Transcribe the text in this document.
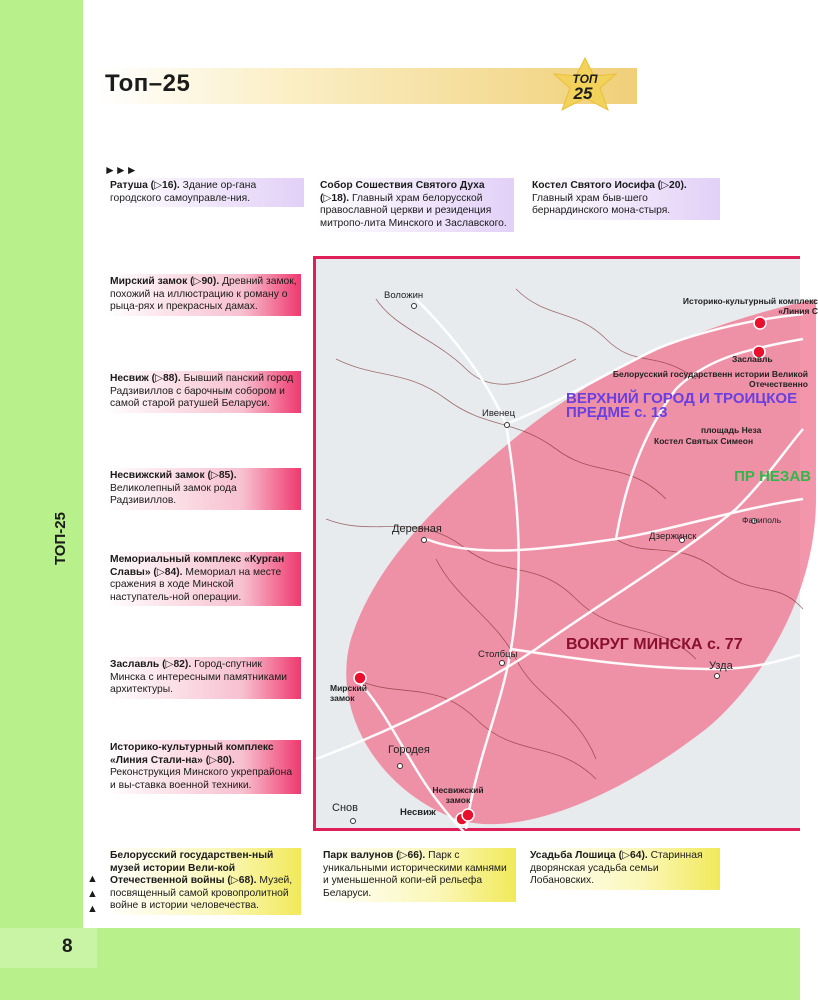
8
ТОП-25
Топ–25	ТОП
25
►►►
Ратуша (▷16). Здание ор-гана городского самоуправле-ния.
Собор Сошествия Святого Духа (▷18). Главный храм белорусской православной церкви и резиденция митропо-лита Минского и Заславского.
Костел Святого Иосифа (▷20). Главный храм быв-шего бернардинского мона-стыря.
Мирский замок (▷90). Древний замок, похожий на иллюстрацию к роману о рыца-рях и прекрасных дамах.
Несвиж (▷88). Бывший панский город Радзивиллов с барочным собором и самой старой ратушей Беларуси.
Несвижский замок (▷85). Великолепный замок рода Радзивиллов.
Мемориальный комплекс «Курган Славы» (▷84). Мемориал на месте сражения в ходе Минской наступатель-ной операции.
Заславль (▷82). Город-спутник Минска с интересными памятниками архитектуры.
Историко-культурный комплекс «Линия Стали-на» (▷80). Реконструкция Минского укрепрайона и вы-ставка военной техники.
Белорусский государствен-ный музей истории Вели-кой Отечественной войны (▷68). Музей, посвященный самой кровопролитной войне в истории человечества.
Парк валунов (▷66). Парк с уникальными историческими камнями и уменьшенной копи-ей рельефа Беларуси.
Усадьба Лошица (▷64). Старинная дворянская усадьба семьи Лобановских.
▲▲▲
Воложин
Ивенец
Деревная
Дзержинск
Столбцы
Узда
Городея
Снов
Фаниполь
Мирский замок
Несвиж
Несвижский замок
Заславль
Историко-культурный комплекс «Линия С
Белорусский государственн истории Великой Отечественно
площадь Неза
Костел Святых Симеон
ВЕРХНИЙ ГОРОД И ТРОИЦКОЕ ПРЕДМЕ с. 13
ВОКРУГ МИНСКА с. 77
ПР НЕЗАВ
